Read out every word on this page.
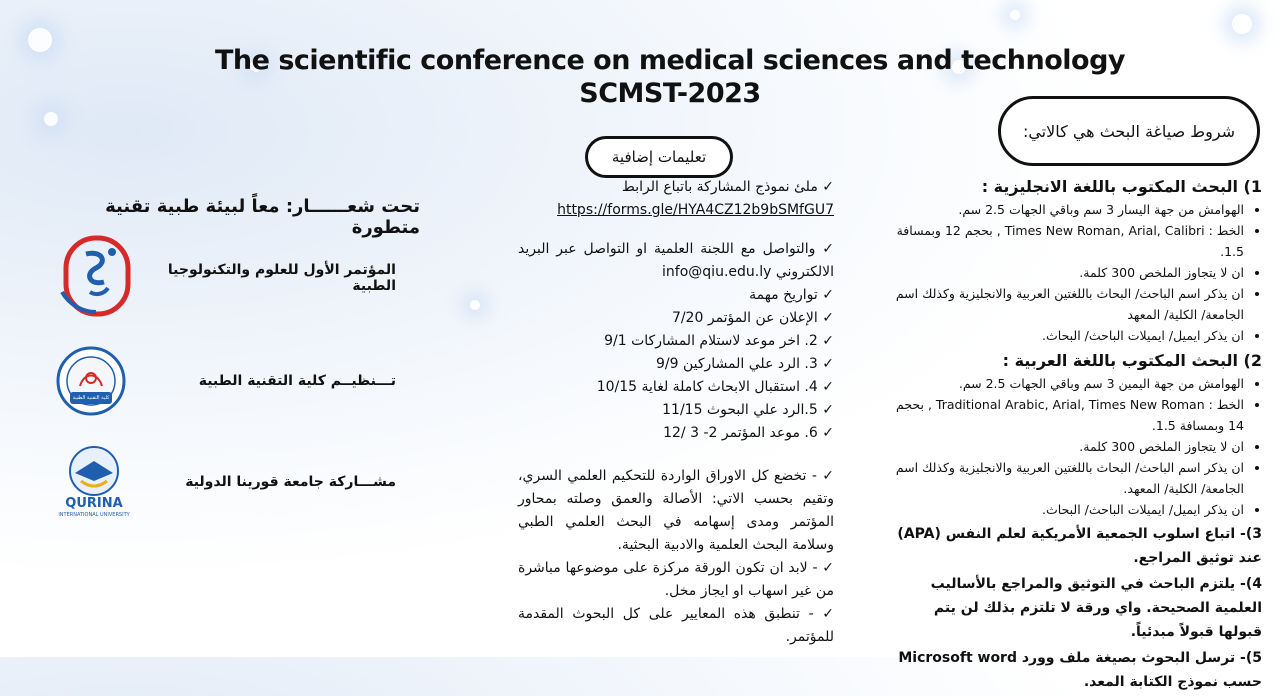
The scientific conference on medical sciences and technology
SCMST-2023
شروط صياغة البحث هي كالاتي:
تعليمات إضافية
1) البحث المكتوب باللغة الانجليزية :
• الهوامش من جهة اليسار 3 سم وباقي الجهات 2.5 سم.
• الخط : Times New Roman, Arial, Calibri , بحجم 12 وبمسافة 1.5.
• ان لا يتجاوز الملخص 300 كلمة.
• ان يذكر اسم الباحث/ البحاث باللغتين العربية والانجليزية وكذلك اسم الجامعة/ الكلية/ المعهد
• ان يذكر ايميل/ ايميلات الباحث/ البحاث.
2) البحث المكتوب باللغة العربية :
• الهوامش من جهة اليمين 3 سم وباقي الجهات 2.5 سم.
• الخط : Traditional Arabic, Arial, Times New Roman , بحجم 14 وبمسافة 1.5.
• ان لا يتجاوز الملخص 300 كلمة.
• ان يذكر اسم الباحث/ البحاث باللغتين العربية والانجليزية وكذلك اسم الجامعة/ الكلية/ المعهد.
• ان يذكر ايميل/ ايميلات الباحث/ البحاث.

3)- اتباع اسلوب الجمعية الأمريكية لعلم النفس (APA) عند توثيق المراجع.

4)- يلتزم الباحث في التوثيق والمراجع بالأساليب العلمية الصحيحة. واي ورقة لا تلتزم بذلك لن يتم قبولها قبولاً مبدئياً.

5)- ترسل البحوث بصيغة ملف وورد Microsoft word حسب نموذج الكتابة المعد.

✓ ملئ نموذج المشاركة باتباع الرابط
https://forms.gle/HYA4CZ12b9bSMfGU7
✓ والتواصل مع اللجنة العلمية او التواصل عبر البريد الالكتروني info@qiu.edu.ly
✓ تواريخ مهمة
✓ الإعلان عن المؤتمر 7/20
✓ 2. اخر موعد لاستلام المشاركات 9/1
✓ 3. الرد علي المشاركين 9/9
✓ 4. استقبال الابحاث كاملة لغاية 10/15
✓ 5.الرد علي البحوث 11/15
✓ 6. موعد المؤتمر 2- 3 /12
✓ - تخضع كل الاوراق الواردة للتحكيم العلمي السري، وتقيم بحسب الاتي: الأصالة والعمق وصلته بمحاور المؤتمر ومدى إسهامه في البحث العلمي الطبي وسلامة البحث العلمية والادبية البحثية.
✓ - لابد ان تكون الورقة مركزة على موضوعها مباشرة من غير اسهاب او ايجاز مخل.
✓ - تنطبق هذه المعايير على كل البحوث المقدمة للمؤتمر.
تحت شعــــــار: معاً لبيئة طبية تقنية متطورة
المؤتمر الأول للعلوم والتكنولوجيا الطبية
كلية التقنية الطبية
تـــنظيــم كلية التقنية الطبية
QURINA
INTERNATIONAL UNIVERSITY
مشـــاركة جامعة قورينا الدولية
